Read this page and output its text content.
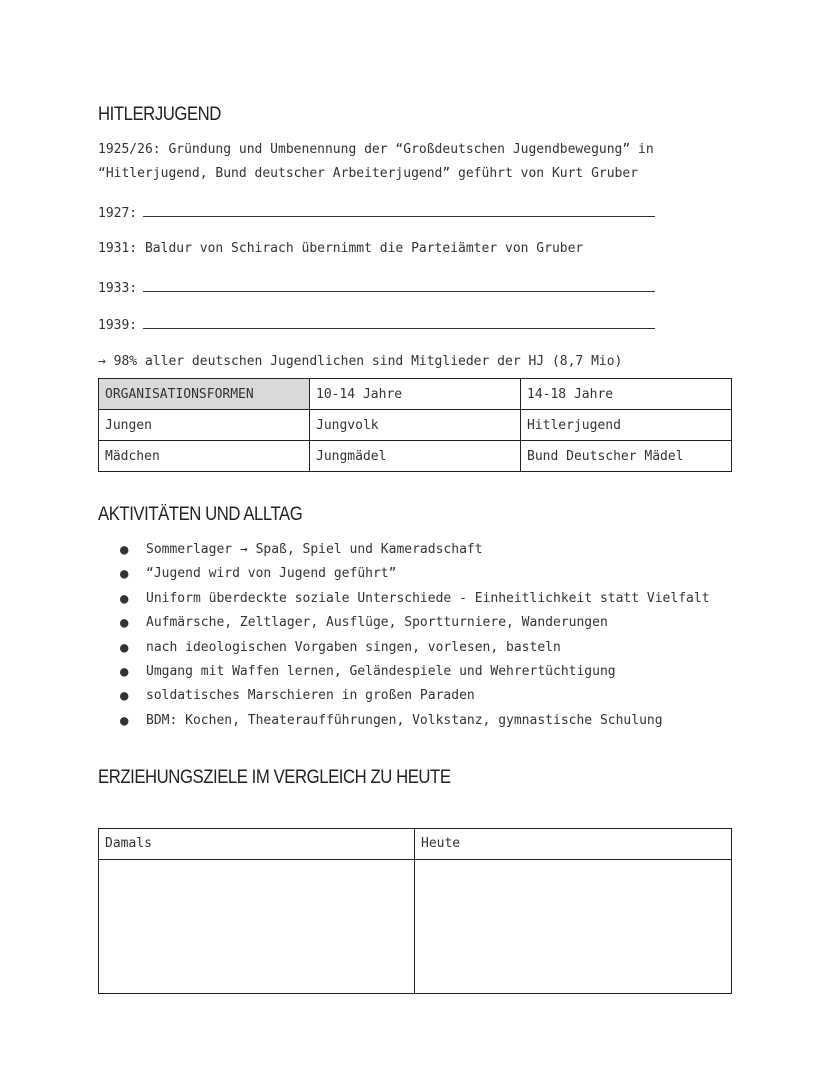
HITLERJUGEND
1925/26: Gründung und Umbenennung der “Großdeutschen Jugendbewegung” in
“Hitlerjugend, Bund deutscher Arbeiterjugend” geführt von Kurt Gruber
1927:
1931: Baldur von Schirach übernimmt die Parteiämter von Gruber
1933:
1939:
→ 98% aller deutschen Jugendlichen sind Mitglieder der HJ (8,7 Mio)
ORGANISATIONSFORMEN	10-14 Jahre	14-18 Jahre
Jungen	Jungvolk	Hitlerjugend
Mädchen	Jungmädel	Bund Deutscher Mädel
AKTIVITÄTEN UND ALLTAG
● Sommerlager → Spaß, Spiel und Kameradschaft
● “Jugend wird von Jugend geführt”
● Uniform überdeckte soziale Unterschiede - Einheitlichkeit statt Vielfalt
● Aufmärsche, Zeltlager, Ausflüge, Sportturniere, Wanderungen
● nach ideologischen Vorgaben singen, vorlesen, basteln
● Umgang mit Waffen lernen, Geländespiele und Wehrertüchtigung
● soldatisches Marschieren in großen Paraden
● BDM: Kochen, Theateraufführungen, Volkstanz, gymnastische Schulung
ERZIEHUNGSZIELE IM VERGLEICH ZU HEUTE
Damals	Heute
